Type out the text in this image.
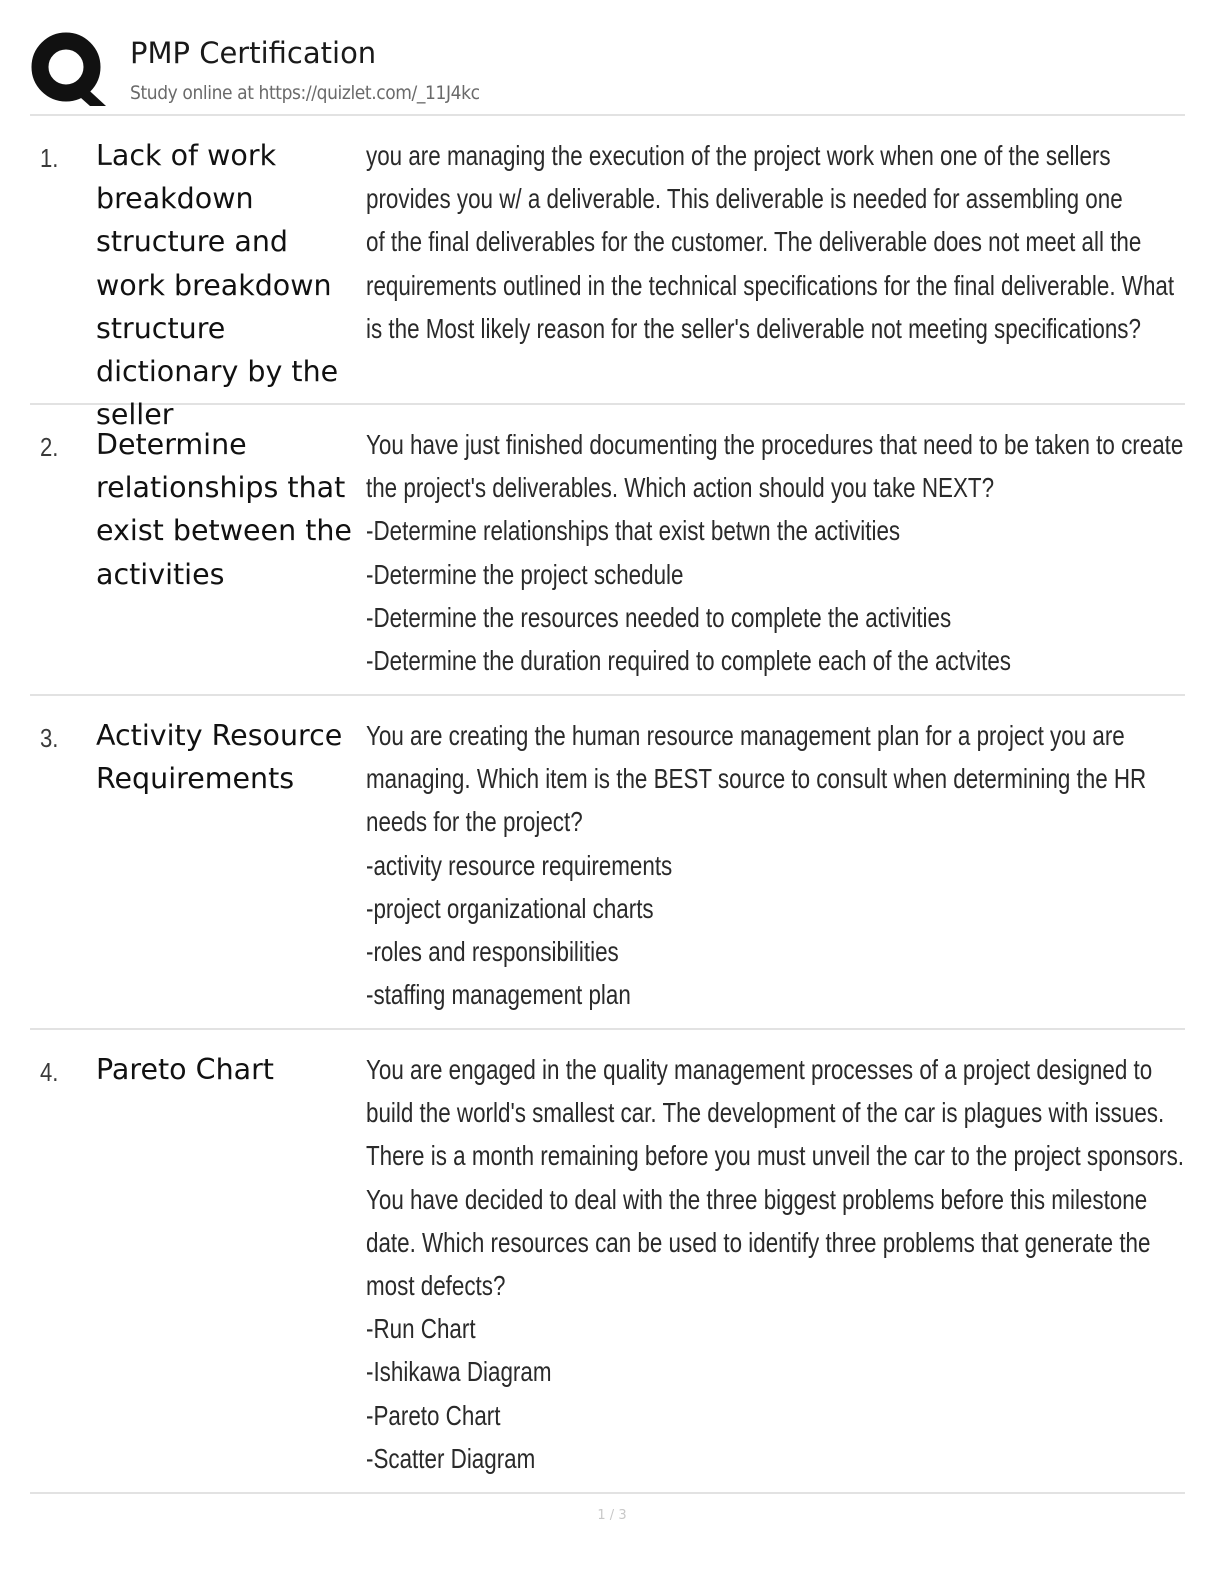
PMP Certification
Study online at https://quizlet.com/_11J4kc
1. Lack of work breakdown structure and work breakdown structure dictionary by the seller
you are managing the execution of the project work when one of the sellers
provides you w/ a deliverable. This deliverable is needed for assembling one
of the final deliverables for the customer. The deliverable does not meet all the
requirements outlined in the technical specifications for the final deliverable. What
is the Most likely reason for the seller's deliverable not meeting specifications?
2. Determine relationships that exist between the activities
You have just finished documenting the procedures that need to be taken to create
the project's deliverables. Which action should you take NEXT?
-Determine relationships that exist betwn the activities
-Determine the project schedule
-Determine the resources needed to complete the activities
-Determine the duration required to complete each of the actvites
3. Activity Resource Requirements
You are creating the human resource management plan for a project you are
managing. Which item is the BEST source to consult when determining the HR
needs for the project?
-activity resource requirements
-project organizational charts
-roles and responsibilities
-staffing management plan
4. Pareto Chart	You are engaged in the quality management processes of a project designed to
build the world's smallest car. The development of the car is plagues with issues.
There is a month remaining before you must unveil the car to the project sponsors.
You have decided to deal with the three biggest problems before this milestone
date. Which resources can be used to identify three problems that generate the
most defects?
-Run Chart
-Ishikawa Diagram
-Pareto Chart
-Scatter Diagram
1 / 3
